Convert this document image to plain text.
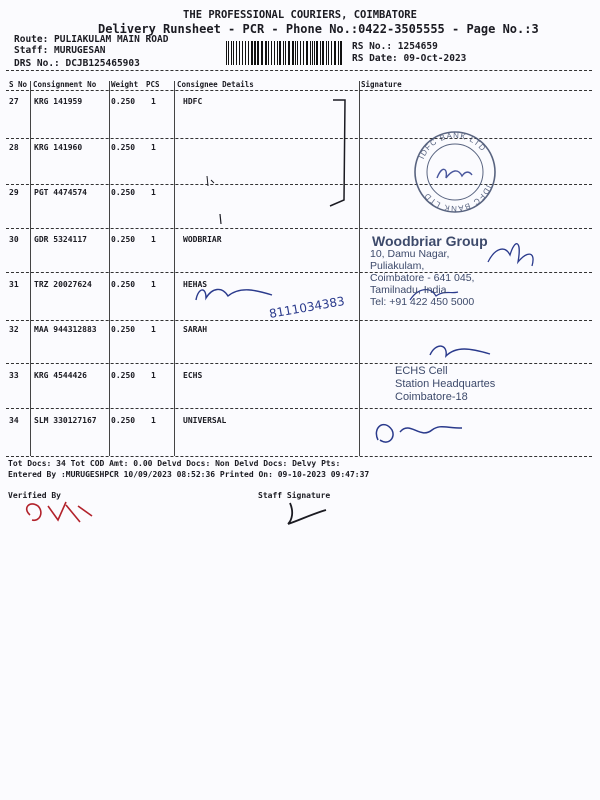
THE PROFESSIONAL COURIERS, COIMBATORE
Delivery Runsheet - PCR - Phone No.:0422-3505555 - Page No.:3
Route: PULIAKULAM MAIN ROAD
Staff: MURUGESAN
DRS No.: DCJB125465903
RS No.: 1254659
RS Date: 09-Oct-2023
S No Consignment No Weight PCS Consignee Details	Signature
IDFC BANK LTD
IDFC BANK LTD
8111034383
Woodbriar Group
10, Damu Nagar,
Puliakulam,
Coimbatore - 641 045,
Tamilnadu, India
Tel: +91 422 450 5000
ECHS Cell
Station Headquartes
Coimbatore-18
Tot Docs: 34 Tot COD Amt: 0.00 Delvd Docs: Non Delvd Docs: Delvy Pts:
Entered By :MURUGESHPCR 10/09/2023 08:52:36 Printed On: 09-10-2023 09:47:37
Verified By	Staff Signature
27 KRG 141959	0.250 1	HDFC
28 KRG 141960	0.250 1
29 PGT 4474574	0.250 1
30 GDR 5324117	0.250 1	WODBRIAR
31 TRZ 20027624 0.250 1	HEHAS
32 MAA 944312883 0.250 1	SARAH
33 KRG 4544426	0.250 1	ECHS
34 SLM 330127167 0.250 1	UNIVERSAL
